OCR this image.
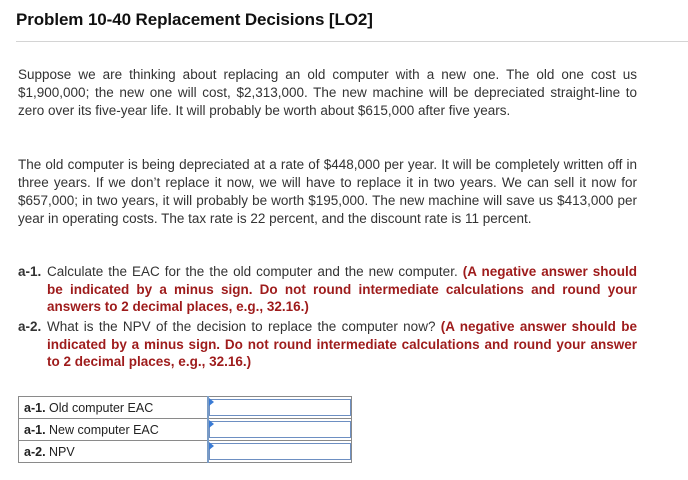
Problem 10-40 Replacement Decisions [LO2]

Suppose we are thinking about replacing an old computer with a new one. The old one cost us $1,900,000; the new one will cost, $2,313,000. The new machine will be depreciated straight-line to zero over its five-year life. It will probably be worth about $615,000 after five years.

The old computer is being depreciated at a rate of $448,000 per year. It will be completely written off in three years. If we don’t replace it now, we will have to replace it in two years. We can sell it now for $657,000; in two years, it will probably be worth $195,000. The new machine will save us $413,000 per year in operating costs. The tax rate is 22 percent, and the discount rate is 11 percent.

a-1. Calculate the EAC for the the old computer and the new computer. (A negative answer should be indicated by a minus sign. Do not round intermediate calculations and round your answers to 2 decimal places, e.g., 32.16.)
a-2. What is the NPV of the decision to replace the computer now? (A negative answer should be indicated by a minus sign. Do not round intermediate calculations and round your answer to 2 decimal places, e.g., 32.16.)
a-1. Old computer EAC	

a-1. New computer EAC	

a-2. NPV	
